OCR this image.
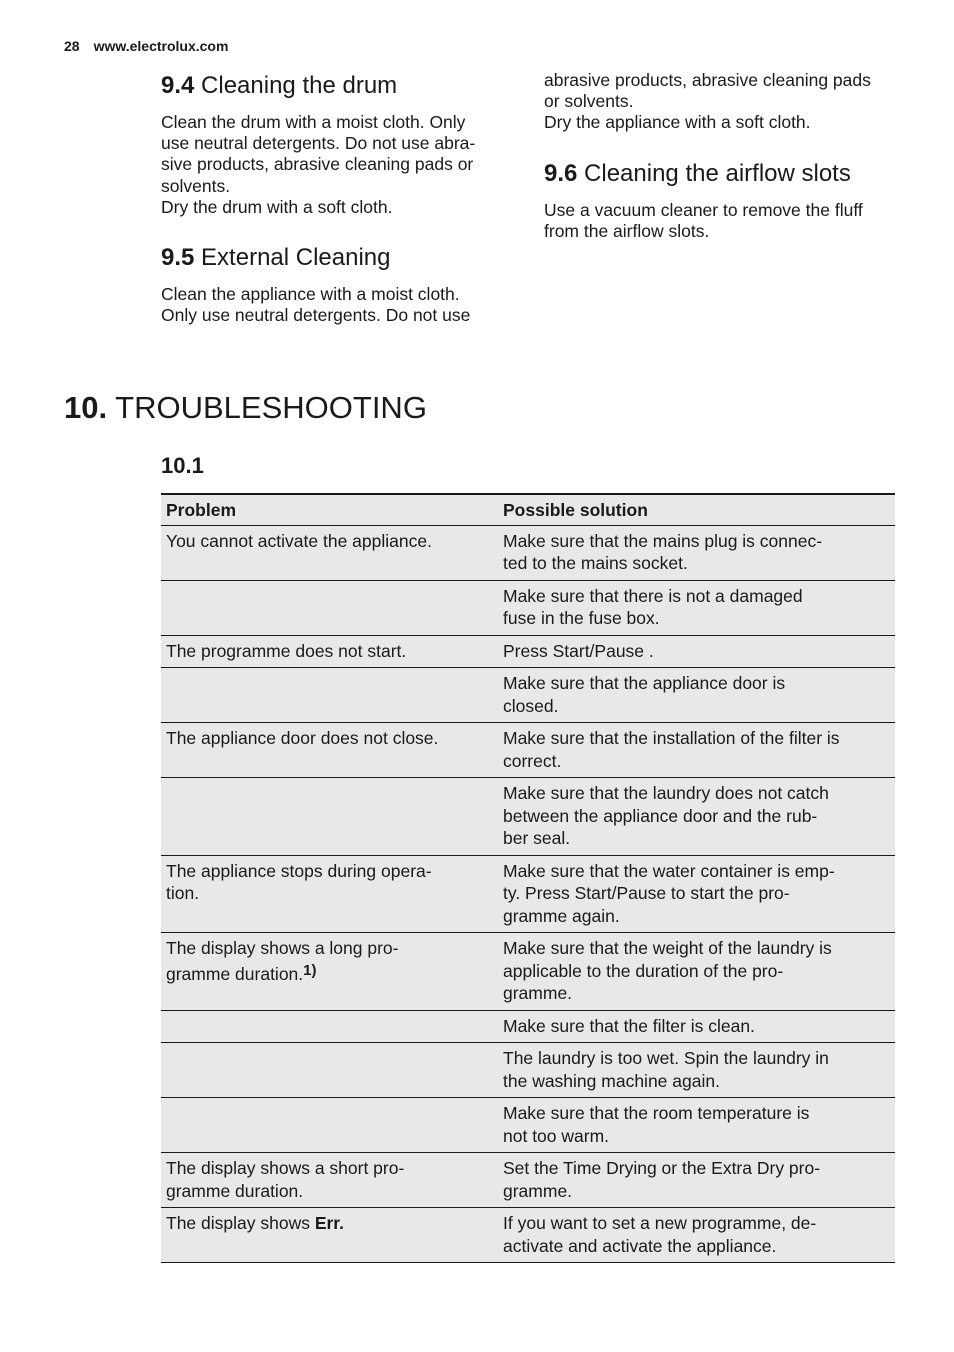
28 www.electrolux.com
9.4 Cleaning the drum

Clean the drum with a moist cloth. Only
use neutral detergents. Do not use abra-
sive products, abrasive cleaning pads or
solvents.
Dry the drum with a soft cloth.

9.5 External Cleaning

Clean the appliance with a moist cloth.
Only use neutral detergents. Do not use

abrasive products, abrasive cleaning pads
or solvents.
Dry the appliance with a soft cloth.

9.6 Cleaning the airflow slots

Use a vacuum cleaner to remove the fluff
from the airflow slots.

10. TROUBLESHOOTING
10.1
Problem	Possible solution
You cannot activate the appliance.	Make sure that the mains plug is connec-
ted to the mains socket.
	Make sure that there is not a damaged
fuse in the fuse box.
The programme does not start.	Press Start/Pause .
	Make sure that the appliance door is
closed.
The appliance door does not close.	Make sure that the installation of the filter is
correct.
	Make sure that the laundry does not catch
between the appliance door and the rub-
ber seal.
The appliance stops during opera-
tion.	Make sure that the water container is emp-
ty. Press Start/Pause to start the pro-
gramme again.
The display shows a long pro-
gramme duration.1)	Make sure that the weight of the laundry is
applicable to the duration of the pro-
gramme.
	Make sure that the filter is clean.
	The laundry is too wet. Spin the laundry in
the washing machine again.
	Make sure that the room temperature is
not too warm.
The display shows a short pro-
gramme duration.	Set the Time Drying or the Extra Dry pro-
gramme.
The display shows Err.	If you want to set a new programme, de-
activate and activate the appliance.
